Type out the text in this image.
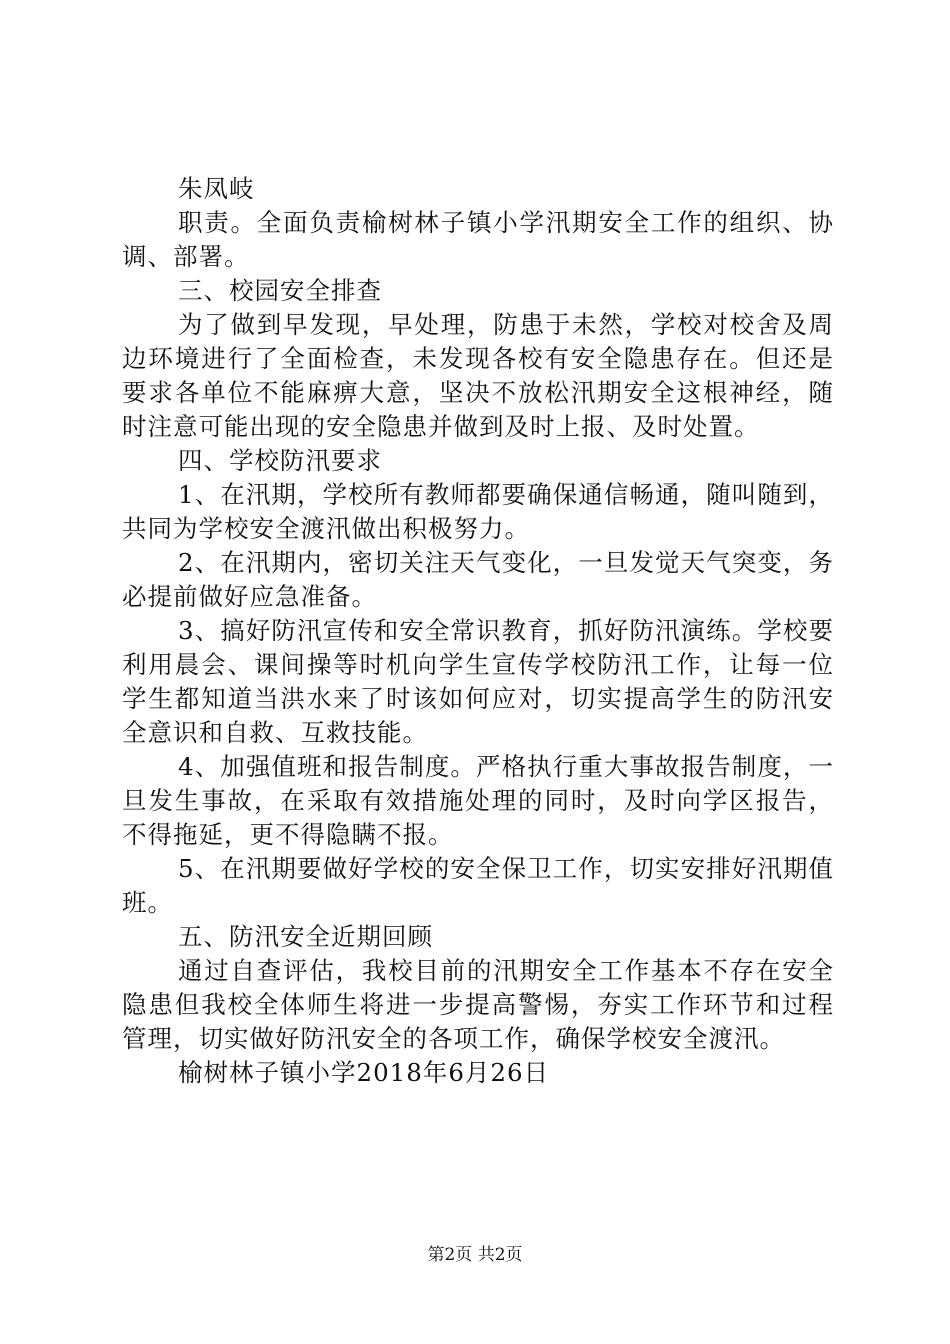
朱凤岐

职责。全面负责榆树林子镇小学汛期安全工作的组织、协调、部署。

三、校园安全排查

为了做到早发现，早处理，防患于未然，学校对校舍及周边环境进行了全面检查，未发现各校有安全隐患存在。但还是要求各单位不能麻痹大意，坚决不放松汛期安全这根神经，随时注意可能出现的安全隐患并做到及时上报、及时处置。

四、学校防汛要求

1、在汛期，学校所有教师都要确保通信畅通，随叫随到，共同为学校安全渡汛做出积极努力。

2、在汛期内，密切关注天气变化，一旦发觉天气突变，务必提前做好应急准备。

3、搞好防汛宣传和安全常识教育，抓好防汛演练。学校要利用晨会、课间操等时机向学生宣传学校防汛工作，让每一位学生都知道当洪水来了时该如何应对，切实提高学生的防汛安全意识和自救、互救技能。

4、加强值班和报告制度。严格执行重大事故报告制度，一旦发生事故，在采取有效措施处理的同时，及时向学区报告，不得拖延，更不得隐瞒不报。

5、在汛期要做好学校的安全保卫工作，切实安排好汛期值班。

五、防汛安全近期回顾

通过自查评估，我校目前的汛期安全工作基本不存在安全隐患但我校全体师生将进一步提高警惕，夯实工作环节和过程管理，切实做好防汛安全的各项工作，确保学校安全渡汛。

榆树林子镇小学2018年6月26日

第2页 共2页
